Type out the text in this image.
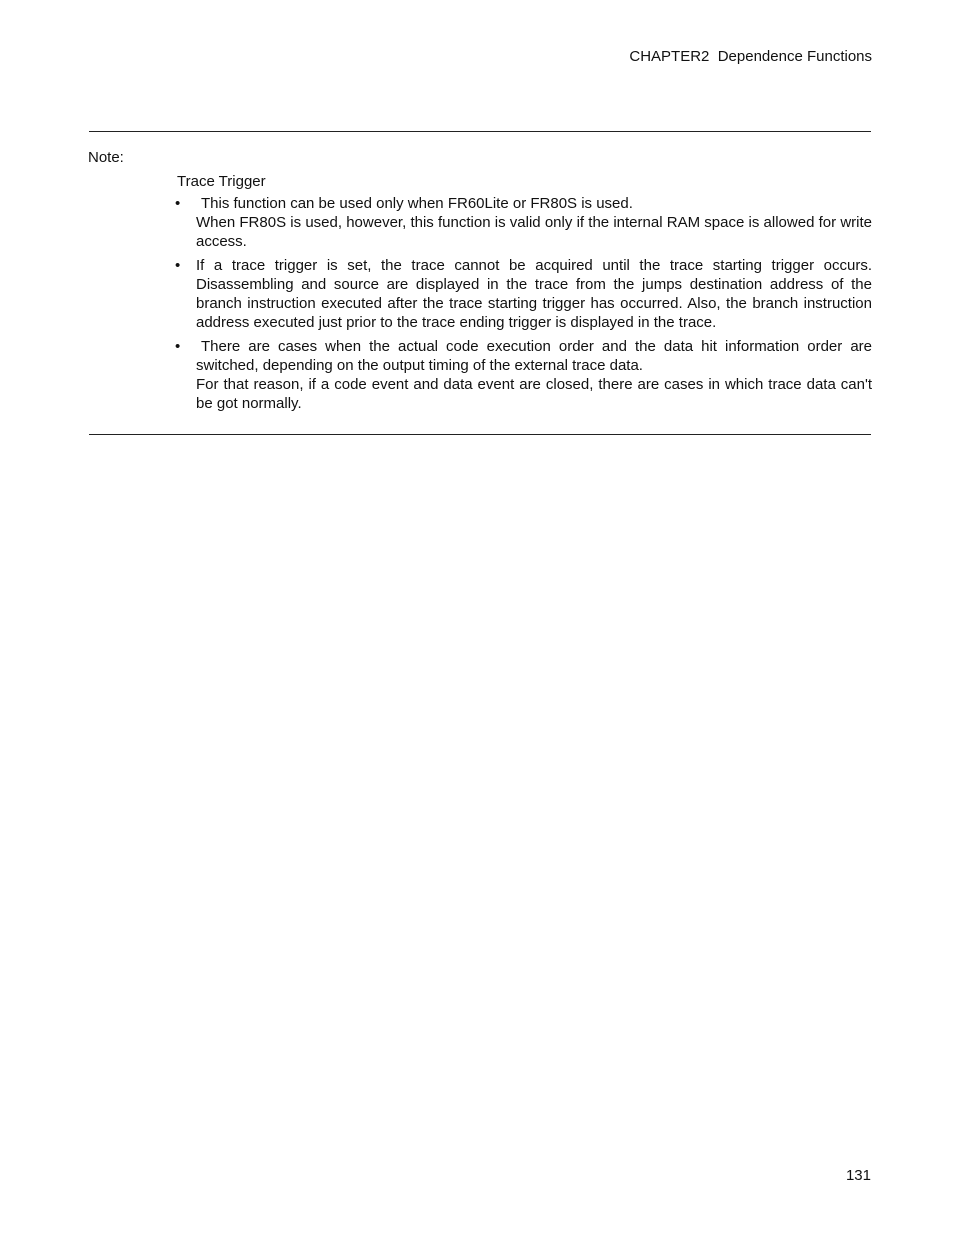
CHAPTER2  Dependence Functions
Note:
Trace Trigger
•	This function can be used only when FR60Lite or FR80S is used.
When FR80S is used, however, this function is valid only if the internal RAM space is allowed for write access.
• If a trace trigger is set, the trace cannot be acquired until the trace starting trigger occurs. Disassembling and source are displayed in the trace from the jumps destination address of the branch instruction executed after the trace starting trigger has occurred. Also, the branch instruction address executed just prior to the trace ending trigger is displayed in the trace.
•	There are cases when the actual code execution order and the data hit information order are switched, depending on the output timing of the external trace data.
For that reason, if a code event and data event are closed, there are cases in which trace data can't be got normally.
131
